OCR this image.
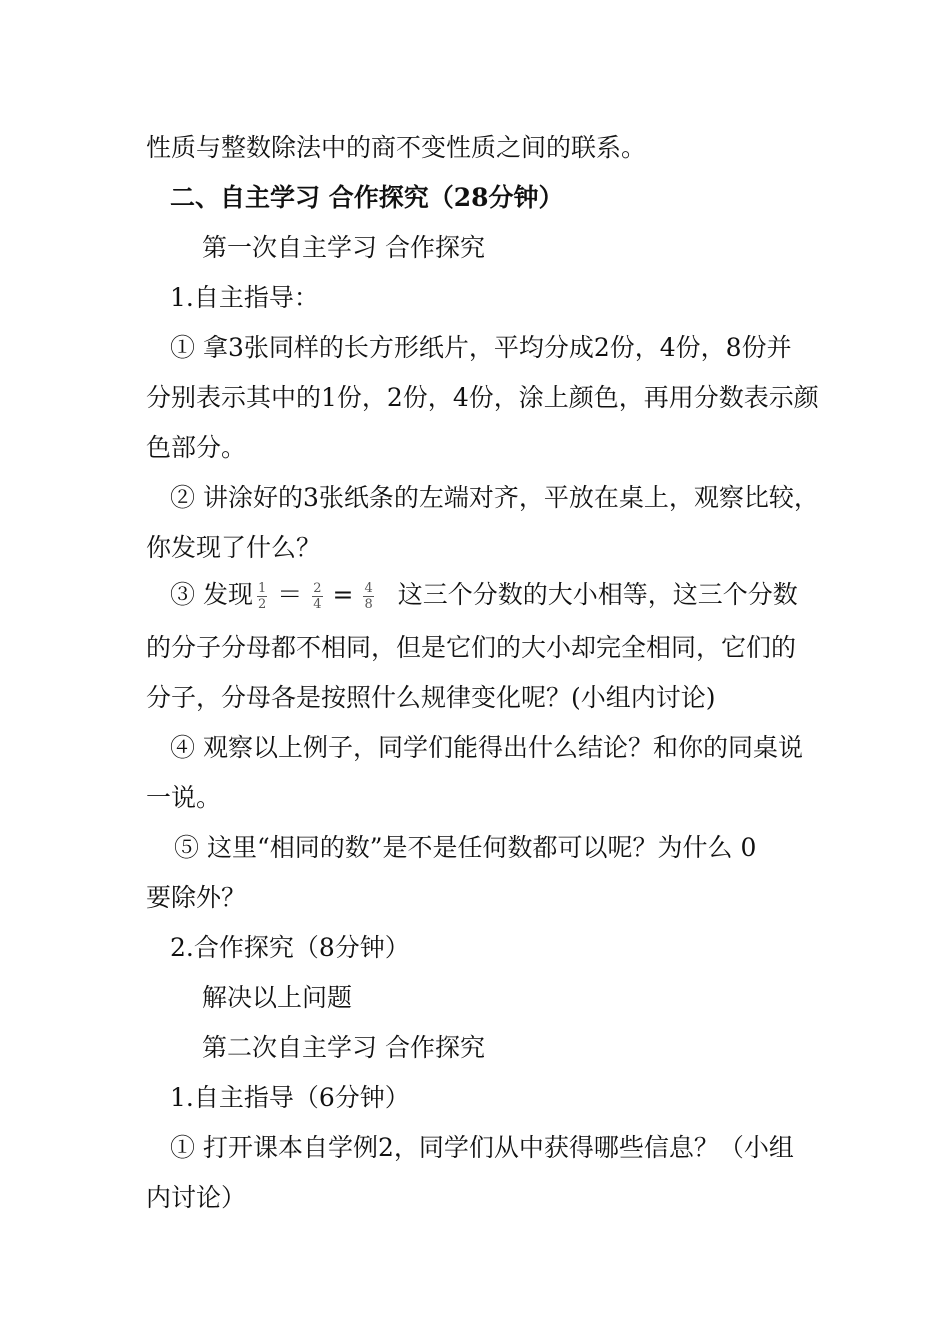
性质与整数除法中的商不变性质之间的联系。
二、自主学习 合作探究（28分钟）
第一次自主学习 合作探究
1.自主指导：
① 拿3张同样的长方形纸片，平均分成2份，4份，8份并
分别表示其中的1份，2份，4份，涂上颜色，再用分数表示颜
色部分。
② 讲涂好的3张纸条的左端对齐，平放在桌上，观察比较，
你发现了什么？
③ 发现 $\frac{1}{2} = \frac{2}{4} = \frac{4}{8}$ 这三个分数的大小相等，这三个分数
的分子分母都不相同，但是它们的大小却完全相同，它们的
分子，分母各是按照什么规律变化呢？(小组内讨论)
④ 观察以上例子，同学们能得出什么结论？和你的同桌说
一说。
⑤ 这里“相同的数”是不是任何数都可以呢？为什么 0
要除外？
2.合作探究（8分钟）
解决以上问题
第二次自主学习 合作探究
1.自主指导（6分钟）
① 打开课本自学例2，同学们从中获得哪些信息？（小组
内讨论）
